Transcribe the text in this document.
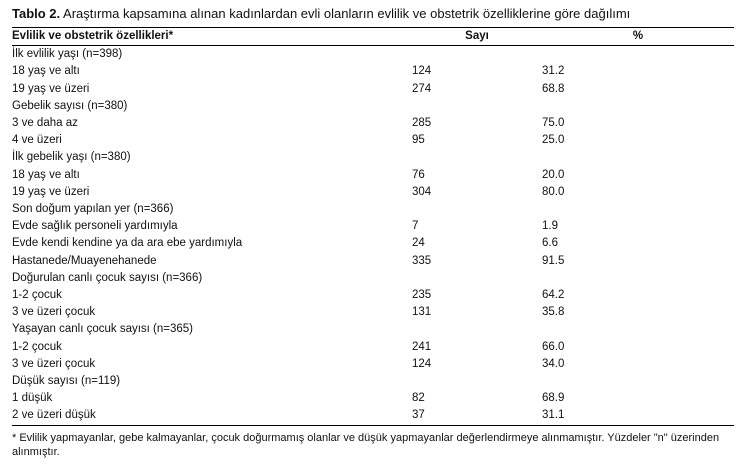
Tablo 2. Araştırma kapsamına alınan kadınlardan evli olanların evlilik ve obstetrik özelliklerine göre dağılımı
Evlilik ve obstetrik özellikleri*	Sayı	%
İlk evlilik yaşı (n=398)		
18 yaş ve altı	124	31.2
19 yaş ve üzeri	274	68.8
Gebelik sayısı (n=380)		
3 ve daha az	285	75.0
4 ve üzeri	95	25.0
İlk gebelik yaşı (n=380)		
18 yaş ve altı	76	20.0
19 yaş ve üzeri	304	80.0
Son doğum yapılan yer (n=366)		
Evde sağlık personeli yardımıyla	7	1.9
Evde kendi kendine ya da ara ebe yardımıyla	24	6.6
Hastanede/Muayenehanede	335	91.5
Doğurulan canlı çocuk sayısı (n=366)		
1-2 çocuk	235	64.2
3 ve üzeri çocuk	131	35.8
Yaşayan canlı çocuk sayısı (n=365)		
1-2 çocuk	241	66.0
3 ve üzeri çocuk	124	34.0
Düşük sayısı (n=119)		
1 düşük	82	68.9
2 ve üzeri düşük	37	31.1
* Evlilik yapmayanlar, gebe kalmayanlar, çocuk doğurmamış olanlar ve düşük yapmayanlar değerlendirmeye alınmamıştır. Yüzdeler "n" üzerinden alınmıştır.
